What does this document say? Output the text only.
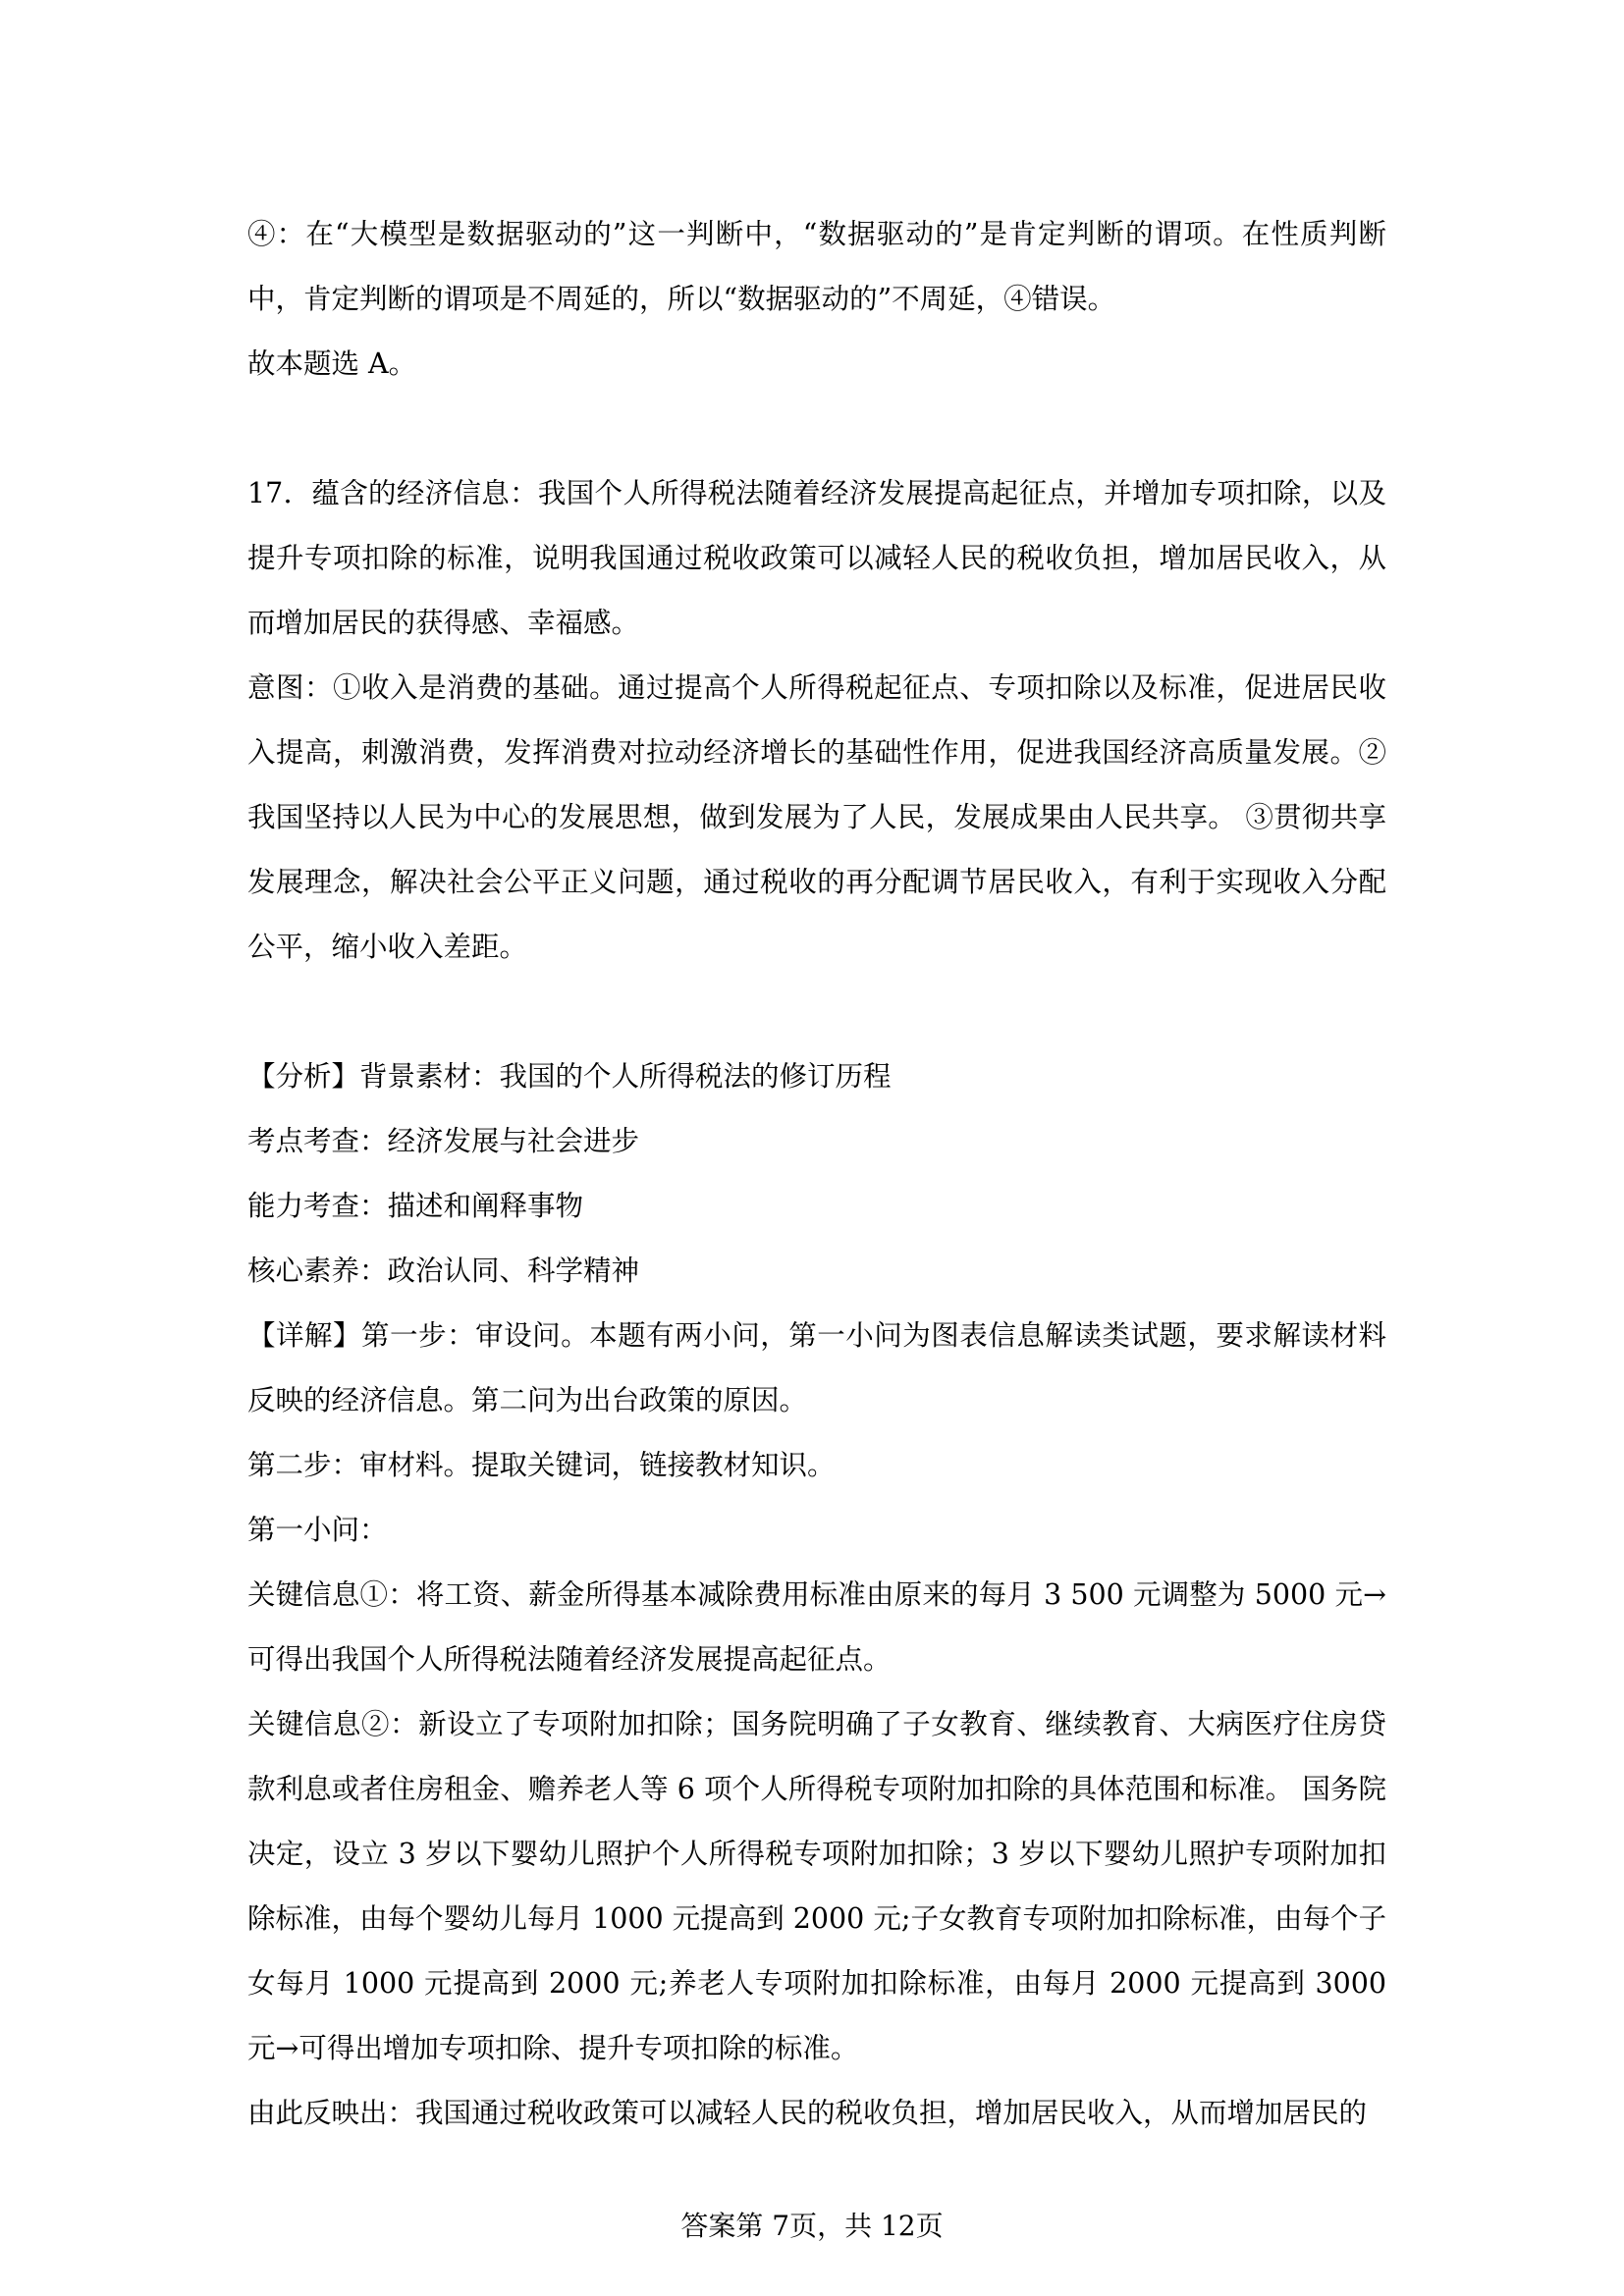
④：在“大模型是数据驱动的”这一判断中，“数据驱动的”是肯定判断的谓项。在性质判断中，肯定判断的谓项是不周延的，所以“数据驱动的”不周延，④错误。

故本题选 A。

17．蕴含的经济信息：我国个人所得税法随着经济发展提高起征点，并增加专项扣除，以及提升专项扣除的标准，说明我国通过税收政策可以减轻人民的税收负担，增加居民收入，从而增加居民的获得感、幸福感。

意图：①收入是消费的基础。通过提高个人所得税起征点、专项扣除以及标准，促进居民收入提高，刺激消费，发挥消费对拉动经济增长的基础性作用，促进我国经济高质量发展。②我国坚持以人民为中心的发展思想，做到发展为了人民，发展成果由人民共享。 ③贯彻共享发展理念，解决社会公平正义问题，通过税收的再分配调节居民收入，有利于实现收入分配公平，缩小收入差距。

【分析】背景素材：我国的个人所得税法的修订历程

考点考查：经济发展与社会进步

能力考查：描述和阐释事物

核心素养：政治认同、科学精神

【详解】第一步：审设问。本题有两小问，第一小问为图表信息解读类试题，要求解读材料反映的经济信息。第二问为出台政策的原因。

第二步：审材料。提取关键词，链接教材知识。

第一小问：

关键信息①：将工资、薪金所得基本减除费用标准由原来的每月 3 500 元调整为 5000 元→可得出我国个人所得税法随着经济发展提高起征点。

关键信息②：新设立了专项附加扣除；国务院明确了子女教育、继续教育、大病医疗住房贷款利息或者住房租金、赡养老人等 6 项个人所得税专项附加扣除的具体范围和标准。 国务院决定，设立 3 岁以下婴幼儿照护个人所得税专项附加扣除；3 岁以下婴幼儿照护专项附加扣除标准，由每个婴幼儿每月 1000 元提高到 2000 元;子女教育专项附加扣除标准，由每个子女每月 1000 元提高到 2000 元;养老人专项附加扣除标准，由每月 2000 元提高到 3000 元→可得出增加专项扣除、提升专项扣除的标准。

由此反映出：我国通过税收政策可以减轻人民的税收负担，增加居民收入，从而增加居民的

答案第 7页，共 12页
